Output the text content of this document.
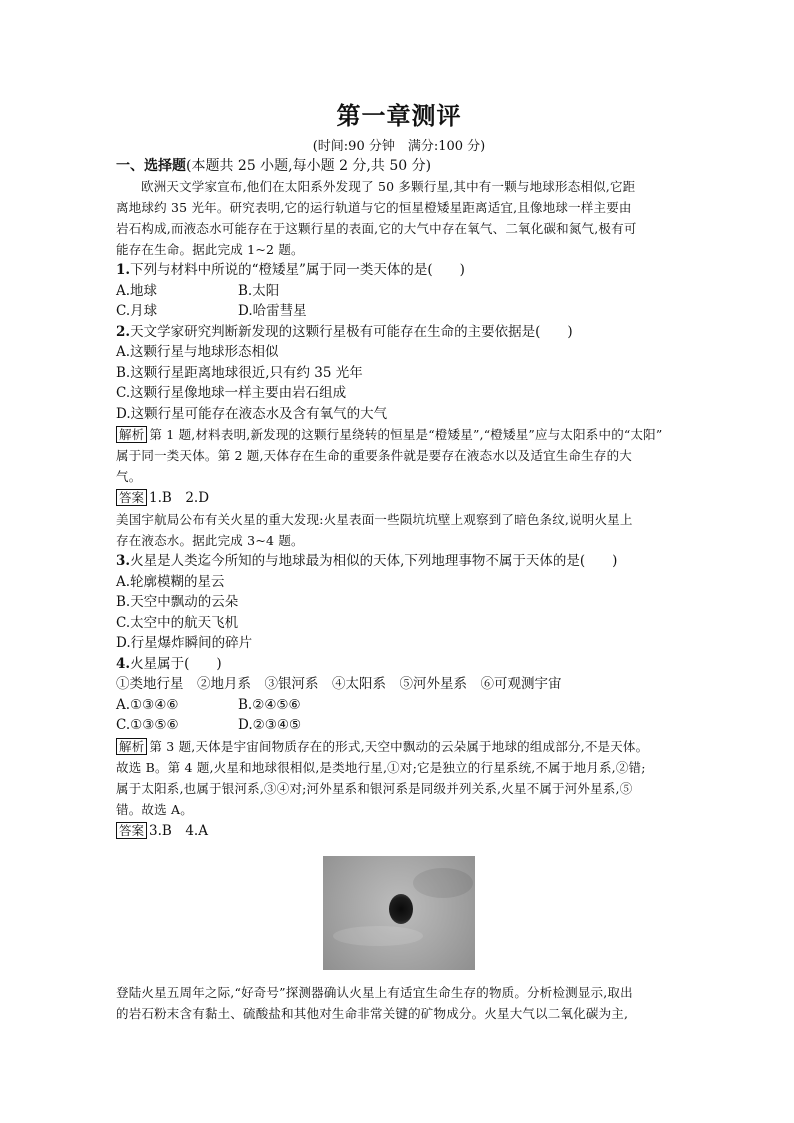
第一章测评

(时间:90 分钟　满分:100 分)

一、选择题(本题共 25 小题,每小题 2 分,共 50 分)

欧洲天文学家宣布,他们在太阳系外发现了 50 多颗行星,其中有一颗与地球形态相似,它距

离地球约 35 光年。研究表明,它的运行轨道与它的恒星橙矮星距离适宜,且像地球一样主要由

岩石构成,而液态水可能存在于这颗行星的表面,它的大气中存在氧气、二氧化碳和氮气,极有可

能存在生命。据此完成 1~2 题。

1.下列与材料中所说的“橙矮星”属于同一类天体的是(　　)

A.地球	B.太阳
C.月球	D.哈雷彗星

2.天文学家研究判断新发现的这颗行星极有可能存在生命的主要依据是(　　)

A.这颗行星与地球形态相似

B.这颗行星距离地球很近,只有约 35 光年

C.这颗行星像地球一样主要由岩石组成

D.这颗行星可能存在液态水及含有氧气的大气

解析 第 1 题,材料表明,新发现的这颗行星绕转的恒星是“橙矮星”,“橙矮星”应与太阳系中的“太阳”

属于同一类天体。第 2 题,天体存在生命的重要条件就是要存在液态水以及适宜生命生存的大

气。

答案 1.B　2.D

美国宇航局公布有关火星的重大发现:火星表面一些陨坑坑壁上观察到了暗色条纹,说明火星上

存在液态水。据此完成 3~4 题。

3.火星是人类迄今所知的与地球最为相似的天体,下列地理事物不属于天体的是(　　)

A.轮廓模糊的星云

B.天空中飘动的云朵

C.太空中的航天飞机

D.行星爆炸瞬间的碎片

4.火星属于(　　)

①类地行星　②地月系　③银河系　④太阳系　⑤河外星系　⑥可观测宇宙

A.①③④⑥	B.②④⑤⑥
C.①③⑤⑥	D.②③④⑤

解析 第 3 题,天体是宇宙间物质存在的形式,天空中飘动的云朵属于地球的组成部分,不是天体。

故选 B。第 4 题,火星和地球很相似,是类地行星,①对;它是独立的行星系统,不属于地月系,②错;

属于太阳系,也属于银河系,③④对;河外星系和银河系是同级并列关系,火星不属于河外星系,⑤

错。故选 A。

答案 3.B　4.A

登陆火星五周年之际,“好奇号”探测器确认火星上有适宜生命生存的物质。分析检测显示,取出

的岩石粉末含有黏土、硫酸盐和其他对生命非常关键的矿物成分。火星大气以二氧化碳为主,
